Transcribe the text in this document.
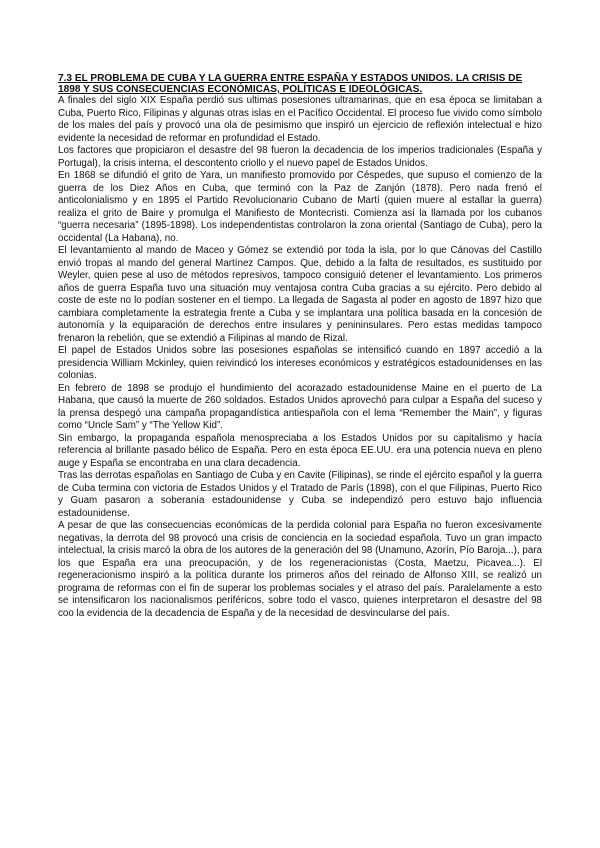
7.3 EL PROBLEMA DE CUBA Y LA GUERRA ENTRE ESPAÑA Y ESTADOS UNIDOS. LA CRISIS DE 1898 Y SUS CONSECUENCIAS ECONÓMICAS, POLÍTICAS E IDEOLÓGICAS.

A finales del siglo XIX España perdió sus ultimas posesiones ultramarinas, que en esa época se limitaban a Cuba, Puerto Rico, Filipinas y algunas otras islas en el Pacífico Occidental. El proceso fue vivido como símbolo de los males del país y provocó una ola de pesimismo que inspiró un ejercicio de reflexión intelectual e hizo evidente la necesidad de reformar en profundidad el Estado.

Los factores que propiciaron el desastre del 98 fueron la decadencia de los imperios tradicionales (España y Portugal), la crisis interna, el descontento criollo y el nuevo papel de Estados Unidos.

En 1868 se difundió el grito de Yara, un manifiesto promovido por Céspedes, que supuso el comienzo de la guerra de los Diez Años en Cuba, que terminó con la Paz de Zanjón (1878). Pero nada frenó el anticolonialismo y en 1895 el Partido Revolucionario Cubano de Martí (quien muere al estallar la guerra) realiza el grito de Baire y promulga el Manifiesto de Montecristi. Comienza así la llamada por los cubanos “guerra necesaria” (1895-1898). Los independentistas controlaron la zona oriental (Santiago de Cuba), pero la occidental (La Habana), no.

El levantamiento al mando de Maceo y Gómez se extendió por toda la isla, por lo que Cánovas del Castillo envió tropas al mando del general Martínez Campos. Que, debido a la falta de resultados, es sustituido por Weyler, quien pese al uso de métodos represivos, tampoco consiguió detener el levantamiento. Los primeros años de guerra España tuvo una situación muy ventajosa contra Cuba gracias a su ejército. Pero debido al coste de este no lo podían sostener en el tiempo. La llegada de Sagasta al poder en agosto de 1897 hizo que cambiara completamente la estrategia frente a Cuba y se implantara una política basada en la concesión de autonomía y la equiparación de derechos entre insulares y penininsulares. Pero estas medidas tampoco frenaron la rebelión, que se extendió a Filipinas al mando de Rizal.

El papel de Estados Unidos sobre las posesiones españolas se intensificó cuando en 1897 accedió a la presidencia William Mckinley, quien reivindicó los intereses económicos y estratégicos estadounidenses en las colonias.

En febrero de 1898 se produjo el hundimiento del acorazado estadounidense Maine en el puerto de La Habana, que causó la muerte de 260 soldados. Estados Unidos aprovechó para culpar a España del suceso y la prensa despegó una campaña propagandística antiespañola con el lema “Remember the Main”, y figuras como “Uncle Sam” y “The Yellow Kid”.

Sin embargo, la propaganda española menospreciaba a los Estados Unidos por su capitalismo y hacía referencia al brillante pasado bélico de España. Pero en esta época EE.UU. era una potencia nueva en pleno auge y España se encontraba en una clara decadencia.

Tras las derrotas españolas en Santiago de Cuba y en Cavite (Filipinas), se rinde el ejército español y la guerra de Cuba termina con victoria de Estados Unidos y el Tratado de París (1898), con el que Filipinas, Puerto Rico y Guam pasaron a soberanía estadounidense y Cuba se independizó pero estuvo bajo influencia estadounidense.

A pesar de que las consecuencias económicas de la perdida colonial para España no fueron excesivamente negativas, la derrota del 98 provocó una crisis de conciencia en la sociedad española. Tuvo un gran impacto intelectual, la crisis marcó la obra de los autores de la generación del 98 (Unamuno, Azorín, Pío Baroja...), para los que España era una preocupación, y de los regeneracionistas (Costa, Maetzu, Picavea...). El regeneracionismo inspiró a la política durante los primeros años del reinado de Alfonso XIII, se realizó un programa de reformas con el fin de superar los problemas sociales y el atraso del país. Paralelamente a esto se intensificaron los nacionalismos periféricos, sobre todo el vasco, quienes interpretaron el desastre del 98 coo la evidencia de la decadencia de España y de la necesidad de desvincularse del país.
